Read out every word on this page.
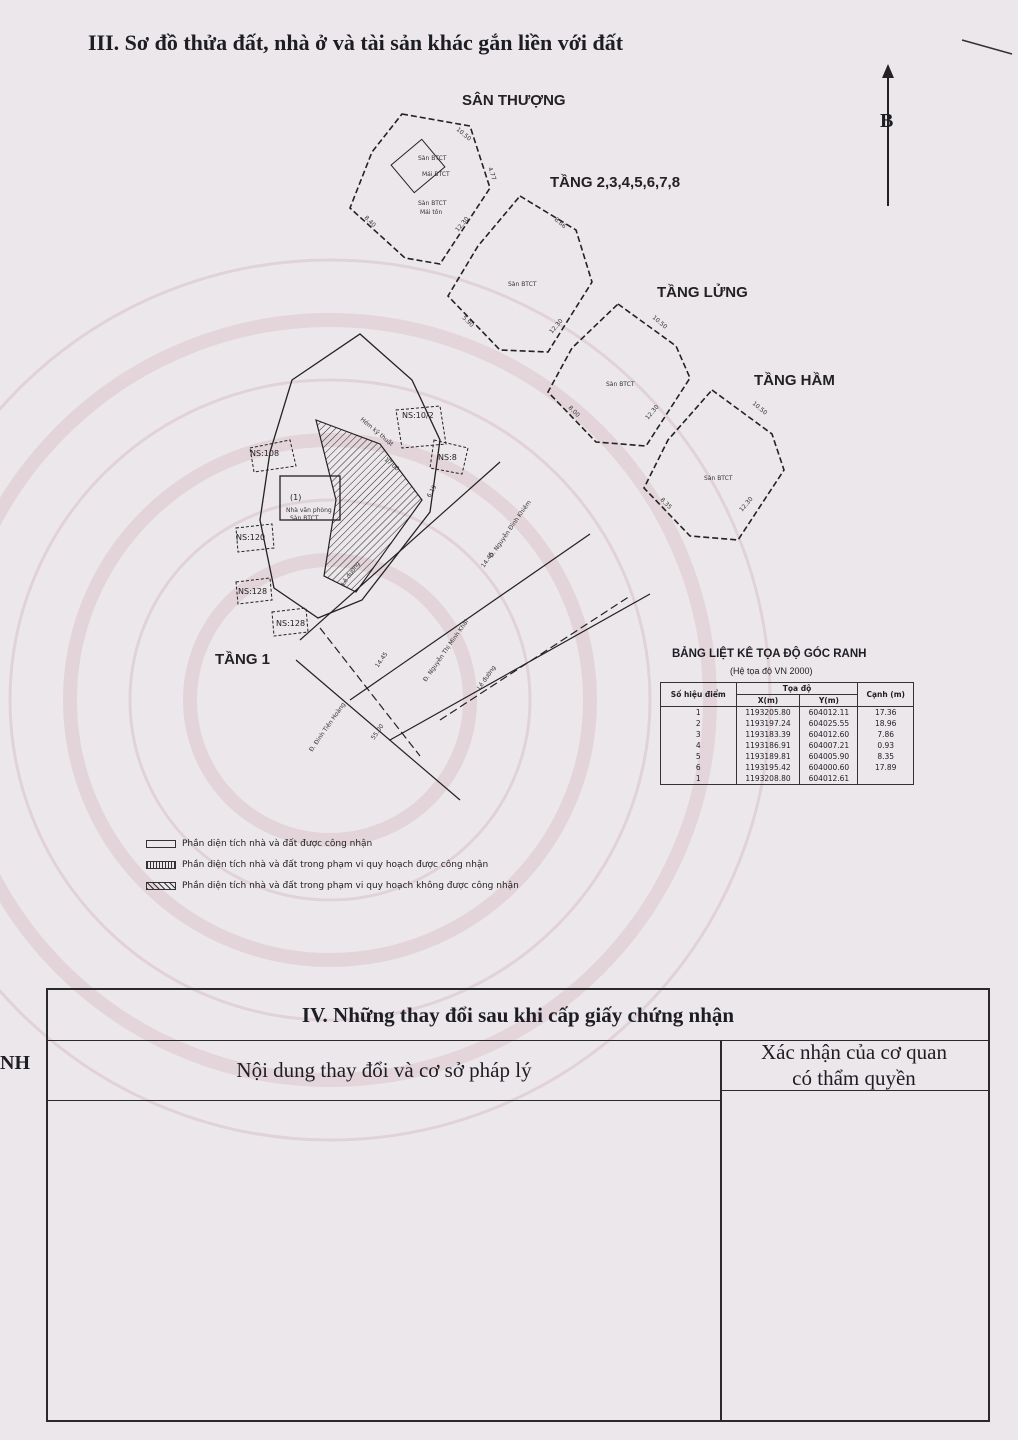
III. Sơ đồ thửa đất, nhà ở và tài sản khác gắn liền với đất
B
SÂN THƯỢNG
TẦNG 2,3,4,5,6,7,8
TẦNG LỬNG
TẦNG HẦM
TẦNG 1
Sàn BTCT
Mái BTCT
Sàn BTCT
Mái tôn
10.50
4.77
8.40	12.30
Sàn BTCT
8.66
5.90	12.30
Sàn BTCT
10.50
12.30
8.00
Sàn BTCT
10.50
12.30
8.35
NS:10/2
NS:8
NS:108
NS:120
NS:128
NS:128
(1)
Nhà văn phòng
Sàn BTCT
Hẻm kỹ thuật
Lề đường
Đ. Nguyễn Thị Minh Khai
Đ. Nguyễn Đình Khiêm
Đ. Đinh Tiên Hoàng
Lề đường
55.00
14.45
14.45
17.00
6.19
BẢNG LIỆT KÊ TỌA ĐỘ GÓC RANH
(Hệ tọa độ VN 2000)
Số hiệu điểm	Tọa độ		Cạnh (m)
	X(m)	Y(m)	
1	1193205.80	604012.11	17.36
2	1193197.24	604025.55	18.96
3	1193183.39	604012.60	7.86
4	1193186.91	604007.21	0.93
5	1193189.81	604005.90	8.35
6	1193195.42	604000.60	17.89
1	1193208.80	604012.61	
Phần diện tích nhà và đất được công nhận
Phần diện tích nhà và đất trong phạm vi quy hoạch được công nhận
Phần diện tích nhà và đất trong phạm vi quy hoạch không được công nhận
NH
IV. Những thay đổi sau khi cấp giấy chứng nhận
Nội dung thay đổi và cơ sở pháp lý
Xác nhận của cơ quan
có thẩm quyền
